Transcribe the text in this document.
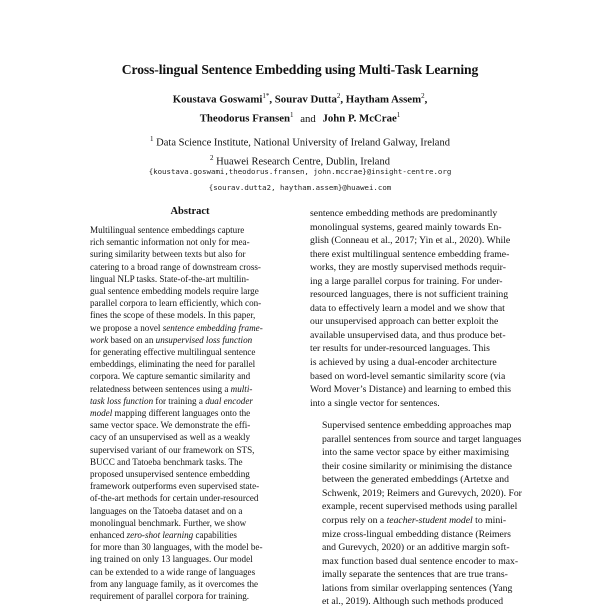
Cross-lingual Sentence Embedding using Multi-Task Learning
Koustava Goswami$^{1*}$, Sourav Dutta$^2$, Haytham Assem$^2$,
Theodorus Fransen$^1$ and John P. McCrae$^1$
$^1$ Data Science Institute, National University of Ireland Galway, Ireland
$^2$ Huawei Research Centre, Dublin, Ireland
{koustava.goswami,theodorus.fransen, john.mccrae}@insight-centre.org
{sourav.dutta2, haytham.assem}@huawei.com
Abstract
Multilingual sentence embeddings capture
rich semantic information not only for mea-
suring similarity between texts but also for
catering to a broad range of downstream cross-
lingual NLP tasks. State-of-the-art multilin-
gual sentence embedding models require large
parallel corpora to learn efficiently, which con-
fines the scope of these models. In this paper,
we propose a novel sentence embedding frame-
work based on an unsupervised loss function
for generating effective multilingual sentence
embeddings, eliminating the need for parallel
corpora. We capture semantic similarity and
relatedness between sentences using a multi-
task loss function for training a dual encoder
model mapping different languages onto the
same vector space. We demonstrate the effi-
cacy of an unsupervised as well as a weakly
supervised variant of our framework on STS,
BUCC and Tatoeba benchmark tasks. The
proposed unsupervised sentence embedding
framework outperforms even supervised state-
of-the-art methods for certain under-resourced
languages on the Tatoeba dataset and on a
monolingual benchmark. Further, we show
enhanced zero-shot learning capabilities
for more than 30 languages, with the model be-
ing trained on only 13 languages. Our model
can be extended to a wide range of languages
from any language family, as it overcomes the
requirement of parallel corpora for training.

sentence embedding methods are predominantly
monolingual systems, geared mainly towards En-
glish (Conneau et al., 2017; Yin et al., 2020). While
there exist multilingual sentence embedding frame-
works, they are mostly supervised methods requir-
ing a large parallel corpus for training. For under-
resourced languages, there is not sufficient training
data to effectively learn a model and we show that
our unsupervised approach can better exploit the
available unsupervised data, and thus produce bet-
ter results for under-resourced languages. This
is achieved by using a dual-encoder architecture
based on word-level semantic similarity score (via
Word Mover’s Distance) and learning to embed this
into a single vector for sentences.

Supervised sentence embedding approaches map
parallel sentences from source and target languages
into the same vector space by either maximising
their cosine similarity or minimising the distance
between the generated embeddings (Artetxe and
Schwenk, 2019; Reimers and Gurevych, 2020). For
example, recent supervised methods using parallel
corpus rely on a teacher-student model to mini-
mize cross-lingual embedding distance (Reimers
and Gurevych, 2020) or an additive margin soft-
max function based dual sentence encoder to max-
imally separate the sentences that are true trans-
lations from similar overlapping sentences (Yang
et al., 2019). Although such methods produced
